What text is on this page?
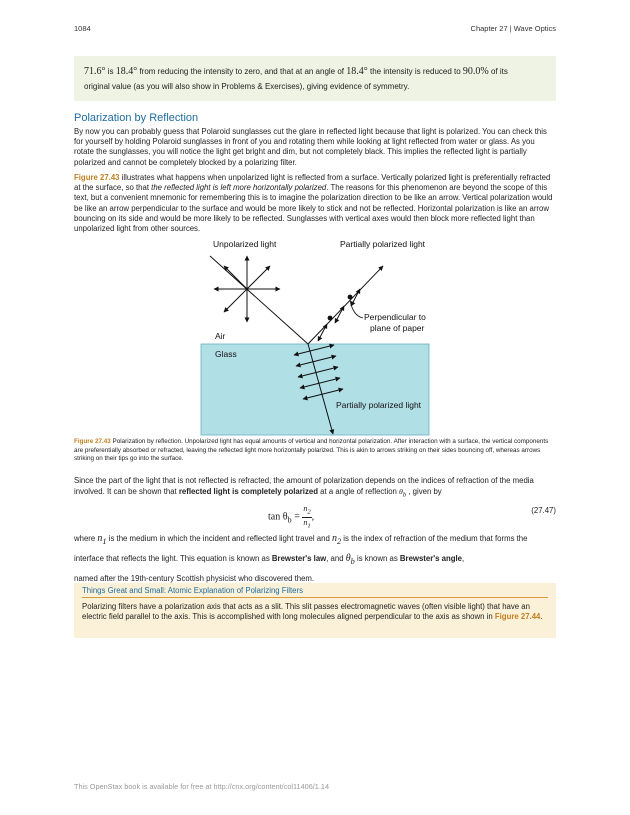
1084	Chapter 27 | Wave Optics
71.6° is 18.4° from reducing the intensity to zero, and that at an angle of 18.4° the intensity is reduced to 90.0% of its
original value (as you will also show in Problems & Exercises), giving evidence of symmetry.
Polarization by Reflection
By now you can probably guess that Polaroid sunglasses cut the glare in reflected light because that light is polarized. You can check this for yourself by holding Polaroid sunglasses in front of you and rotating them while looking at light reflected from water or glass. As you rotate the sunglasses, you will notice the light get bright and dim, but not completely black. This implies the reflected light is partially polarized and cannot be completely blocked by a polarizing filter.
Figure 27.43 illustrates what happens when unpolarized light is reflected from a surface. Vertically polarized light is preferentially refracted at the surface, so that the reflected light is left more horizontally polarized. The reasons for this phenomenon are beyond the scope of this text, but a convenient mnemonic for remembering this is to imagine the polarization direction to be like an arrow. Vertical polarization would be like an arrow perpendicular to the surface and would be more likely to stick and not be reflected. Horizontal polarization is like an arrow bouncing on its side and would be more likely to be reflected. Sunglasses with vertical axes would then block more reflected light than unpolarized light from other sources.
Unpolarized light	Partially polarized light
Perpendicular to
plane of paper
Air
Glass
Partially polarized light
Figure 27.43 Polarization by reflection. Unpolarized light has equal amounts of vertical and horizontal polarization. After interaction with a surface, the vertical components are preferentially absorbed or refracted, leaving the reflected light more horizontally polarized. This is akin to arrows striking on their sides bouncing off, whereas arrows striking on their tips go into the surface.
Since the part of the light that is not reflected is refracted, the amount of polarization depends on the indices of refraction of the media involved. It can be shown that reflected light is completely polarized at a angle of reflection $\theta_b$ , given by
$\tan \theta_b = \frac{n_2}{n_1}$ ,
(27.47)
where $n_1$ is the medium in which the incident and reflected light travel and $n_2$ is the index of refraction of the medium that forms the interface that reflects the light. This equation is known as Brewster's law, and $\theta_b$ is known as Brewster's angle,
named after the 19th-century Scottish physicist who discovered them.
Things Great and Small: Atomic Explanation of Polarizing Filters
Polarizing filters have a polarization axis that acts as a slit. This slit passes electromagnetic waves (often visible light) that have an electric field parallel to the axis. This is accomplished with long molecules aligned perpendicular to the axis as shown in Figure 27.44.
This OpenStax book is available for free at http://cnx.org/content/col11406/1.14
